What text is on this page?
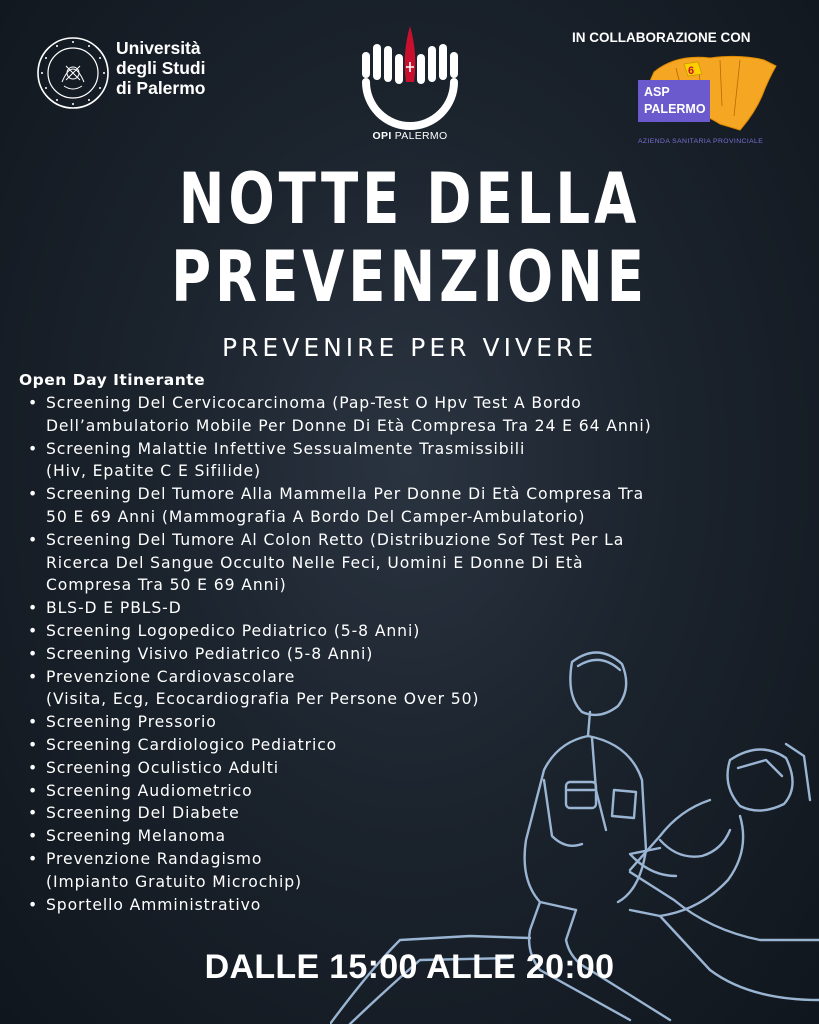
Università
degli Studi
di Palermo
OPI PALERMO
IN COLLABORAZIONE CON
6
ASP
PALERMO
AZIENDA SANITARIA PROVINCIALE
NOTTE DELLA
PREVENZIONE
PREVENIRE PER VIVERE
Open Day Itinerante
• Screening Del Cervicocarcinoma (Pap-Test O Hpv Test A Bordo
Dell’ambulatorio Mobile Per Donne Di Età Compresa Tra 24 E 64 Anni)
• Screening Malattie Infettive Sessualmente Trasmissibili
(Hiv, Epatite C E Sifilide)
• Screening Del Tumore Alla Mammella Per Donne Di Età Compresa Tra
50 E 69 Anni (Mammografia A Bordo Del Camper-Ambulatorio)
• Screening Del Tumore Al Colon Retto (Distribuzione Sof Test Per La
Ricerca Del Sangue Occulto Nelle Feci, Uomini E Donne Di Età
Compresa Tra 50 E 69 Anni)
• BLS-D E PBLS-D
• Screening Logopedico Pediatrico (5-8 Anni)
• Screening Visivo Pediatrico (5-8 Anni)
• Prevenzione Cardiovascolare
(Visita, Ecg, Ecocardiografia Per Persone Over 50)
• Screening Pressorio
• Screening Cardiologico Pediatrico
• Screening Oculistico Adulti
• Screening Audiometrico
• Screening Del Diabete
• Screening Melanoma
• Prevenzione Randagismo
(Impianto Gratuito Microchip)
• Sportello Amministrativo
DALLE 15:00 ALLE 20:00
